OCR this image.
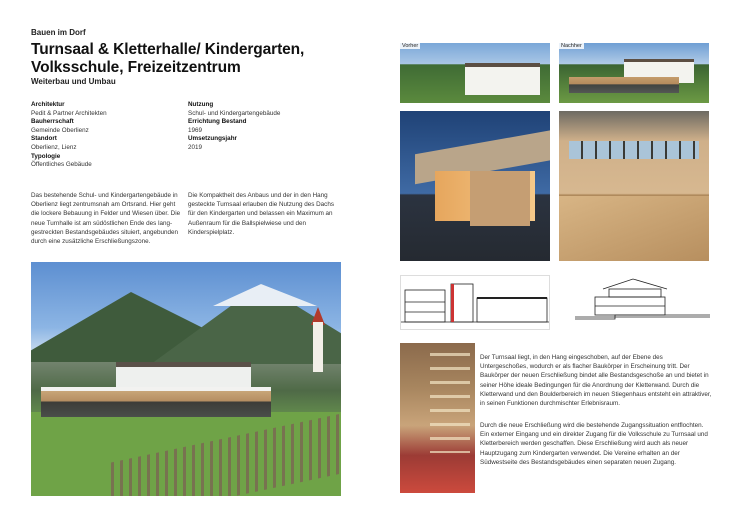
Bauen im Dorf
Turnsaal & Kletterhalle/ Kindergarten, Volksschule, Freizeitzentrum
Weiterbau und Umbau
Architektur
Pedit & Partner Architekten
Bauherrschaft
Gemeinde Oberlienz
Standort
Oberlienz, Lienz
Typologie
Öffentliches Gebäude
Nutzung
Schul- und Kindergartengebäude
Errichtung Bestand
1969
Umsetzungsjahr
2019
Das bestehende Schul- und Kindergartengebäude in Oberlienz liegt zentrumsnah am Ortsrand. Hier geht die lockere Bebauung in Felder und Wiesen über. Die neue Turnhalle ist am südöstlichen Ende des lang-gestreckten Bestandsgebäudes situiert, angebunden durch eine zusätzliche Erschließungszone.
Die Kompaktheit des Anbaus und der in den Hang gesteckte Turnsaal erlauben die Nutzung des Dachs für den Kindergarten und belassen ein Maximum an Außenraum für die Ballspielwiese und den Kinderspielplatz.
Vorher	Nachher
Der Turnsaal liegt, in den Hang eingeschoben, auf der Ebene des Untergeschoßes, wodurch er als flacher Baukörper in Erscheinung tritt. Der Baukörper der neuen Erschließung bindet alle Bestandsgeschoße an und bietet in seiner Höhe ideale Bedingungen für die Anordnung der Kletterwand. Durch die Kletterwand und den Boulderbereich im neuen Stiegenhaus entsteht ein attraktiver, in seinen Funktionen durchmischter Erlebnisraum.
Durch die neue Erschließung wird die bestehende Zugangssituation entflochten. Ein externer Eingang und ein direkter Zugang für die Volksschule zu Turnsaal und Kletterbereich werden geschaffen. Diese Erschließung wird auch als neuer Hauptzugang zum Kindergarten verwendet. Die Vereine erhalten an der Südwestseite des Bestandsgebäudes einen separaten neuen Zugang.
